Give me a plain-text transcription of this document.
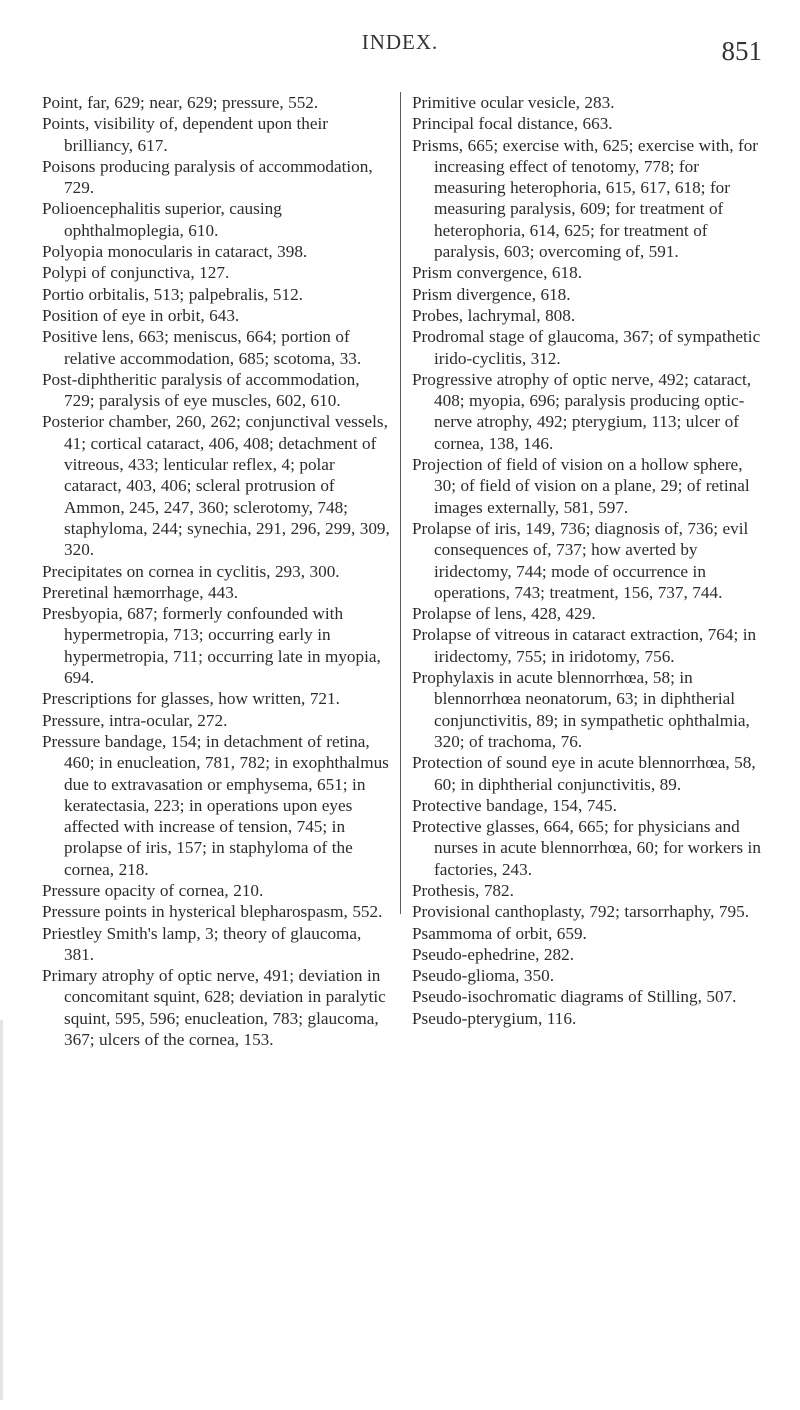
INDEX.	851

Point, far, 629; near, 629; pressure, 552.

Points, visibility of, dependent upon their brilliancy, 617.

Poisons producing paralysis of accommodation, 729.

Polioencephalitis superior, causing ophthalmoplegia, 610.

Polyopia monocularis in cataract, 398.

Polypi of conjunctiva, 127.

Portio orbitalis, 513; palpebralis, 512.

Position of eye in orbit, 643.

Positive lens, 663; meniscus, 664; portion of relative accommodation, 685; scotoma, 33.

Post-diphtheritic paralysis of accommodation, 729; paralysis of eye muscles, 602, 610.

Posterior chamber, 260, 262; conjunctival vessels, 41; cortical cataract, 406, 408; detachment of vitreous, 433; lenticular reflex, 4; polar cataract, 403, 406; scleral protrusion of Ammon, 245, 247, 360; sclerotomy, 748; staphyloma, 244; synechia, 291, 296, 299, 309, 320.

Precipitates on cornea in cyclitis, 293, 300.

Preretinal hæmorrhage, 443.

Presbyopia, 687; formerly confounded with hypermetropia, 713; occurring early in hypermetropia, 711; occurring late in myopia, 694.

Prescriptions for glasses, how written, 721.

Pressure, intra-ocular, 272.

Pressure bandage, 154; in detachment of retina, 460; in enucleation, 781, 782; in exophthalmus due to extravasation or emphysema, 651; in keratectasia, 223; in operations upon eyes affected with increase of tension, 745; in prolapse of iris, 157; in staphyloma of the cornea, 218.

Pressure opacity of cornea, 210.

Pressure points in hysterical blepharospasm, 552.

Priestley Smith's lamp, 3; theory of glaucoma, 381.

Primary atrophy of optic nerve, 491; deviation in concomitant squint, 628; deviation in paralytic squint, 595, 596; enucleation, 783; glaucoma, 367; ulcers of the cornea, 153.

Primitive ocular vesicle, 283.

Principal focal distance, 663.

Prisms, 665; exercise with, 625; exercise with, for increasing effect of tenotomy, 778; for measuring heterophoria, 615, 617, 618; for measuring paralysis, 609; for treatment of heterophoria, 614, 625; for treatment of paralysis, 603; overcoming of, 591.

Prism convergence, 618.

Prism divergence, 618.

Probes, lachrymal, 808.

Prodromal stage of glaucoma, 367; of sympathetic irido-cyclitis, 312.

Progressive atrophy of optic nerve, 492; cataract, 408; myopia, 696; paralysis producing optic-nerve atrophy, 492; pterygium, 113; ulcer of cornea, 138, 146.

Projection of field of vision on a hollow sphere, 30; of field of vision on a plane, 29; of retinal images externally, 581, 597.

Prolapse of iris, 149, 736; diagnosis of, 736; evil consequences of, 737; how averted by iridectomy, 744; mode of occurrence in operations, 743; treatment, 156, 737, 744.

Prolapse of lens, 428, 429.

Prolapse of vitreous in cataract extraction, 764; in iridectomy, 755; in iridotomy, 756.

Prophylaxis in acute blennorrhœa, 58; in blennorrhœa neonatorum, 63; in diphtherial conjunctivitis, 89; in sympathetic ophthalmia, 320; of trachoma, 76.

Protection of sound eye in acute blennorrhœa, 58, 60; in diphtherial conjunctivitis, 89.

Protective bandage, 154, 745.

Protective glasses, 664, 665; for physicians and nurses in acute blennorrhœa, 60; for workers in factories, 243.

Prothesis, 782.

Provisional canthoplasty, 792; tarsorrhaphy, 795.

Psammoma of orbit, 659.

Pseudo-ephedrine, 282.

Pseudo-glioma, 350.

Pseudo-isochromatic diagrams of Stilling, 507.

Pseudo-pterygium, 116.
